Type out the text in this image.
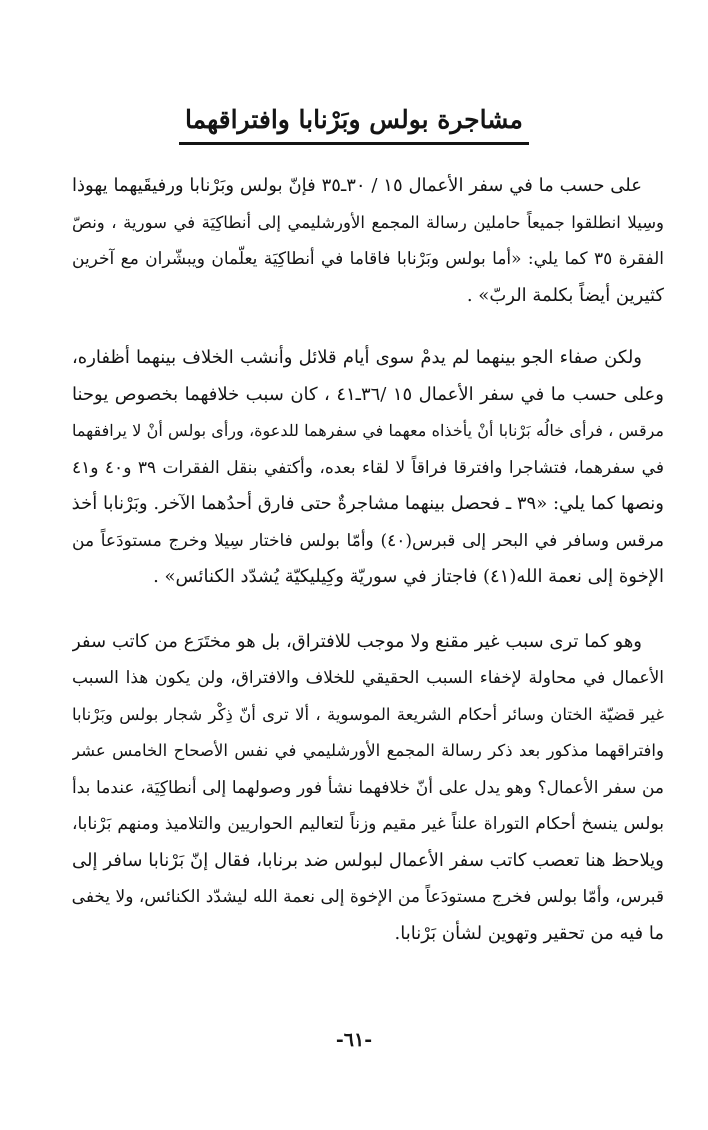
مشاجرة بولس وبَرْنابا وافتراقهما
على حسب ما في سفر الأعمال ١٥ / ٣٠ـ٣٥ فإنّ بولس وبَرْنابا ورفيقَيهما يهوذا
وسِيلا انطلقوا جميعاً حاملين رسالة المجمع الأورشليمي إلى أنطاكِيَة في سورية ، ونصّ
الفقرة ٣٥ كما يلي: «أما بولس وبَرْنابا فاقاما في أنطاكِيَة يعلّمان ويبشّران مع آخرين
كثيرين أيضاً بكلمة الربّ» .
ولكن صفاء الجو بينهما لم يدمْ سوى أيام قلائل وأنشب الخلاف بينهما أظفاره،
وعلى حسب ما في سفر الأعمال ١٥ /٣٦ـ٤١ ، كان سبب خلافهما بخصوص يوحنا
مرقس ، فرأى خالُه بَرْنابا أنْ يأخذاه معهما في سفرهما للدعوة، ورأى بولس أنْ لا يرافقهما
في سفرهما، فتشاجرا وافترقا فراقاً لا لقاء بعده، وأكتفي بنقل الفقرات ٣٩ و٤٠ و٤١
ونصها كما يلي: «٣٩ ـ فحصل بينهما مشاجرةٌ حتى فارق أحدُهما الآخر. وبَرْنابا أخذ
مرقس وسافر في البحر إلى قبرس(٤٠) وأمّا بولس فاختار سِيلا وخرج مستودَعاً من
الإخوة إلى نعمة الله(٤١) فاجتاز في سوريّة وكِيليكيّة يُشدّد الكنائس» .
وهو كما ترى سبب غير مقنع ولا موجب للافتراق، بل هو مختَرَع من كاتب سفر
الأعمال في محاولة لإخفاء السبب الحقيقي للخلاف والافتراق، ولن يكون هذا السبب
غير قضيّة الختان وسائر أحكام الشريعة الموسوية ، ألا ترى أنّ ذِكْر شجار بولس وبَرْنابا
وافتراقهما مذكور بعد ذكر رسالة المجمع الأورشليمي في نفس الأصحاح الخامس عشر
من سفر الأعمال؟ وهو يدل على أنّ خلافهما نشأ فور وصولهما إلى أنطاكِيَة، عندما بدأ
بولس ينسخ أحكام التوراة علناً غير مقيم وزناً لتعاليم الحواريين والتلاميذ ومنهم بَرْنابا،
ويلاحظ هنا تعصب كاتب سفر الأعمال لبولس ضد برنابا، فقال إنّ بَرْنابا سافر إلى
قبرس، وأمّا بولس فخرج مستودَعاً من الإخوة إلى نعمة الله ليشدّد الكنائس، ولا يخفى
ما فيه من تحقير وتهوين لشأن بَرْنابا.
-٦١-
